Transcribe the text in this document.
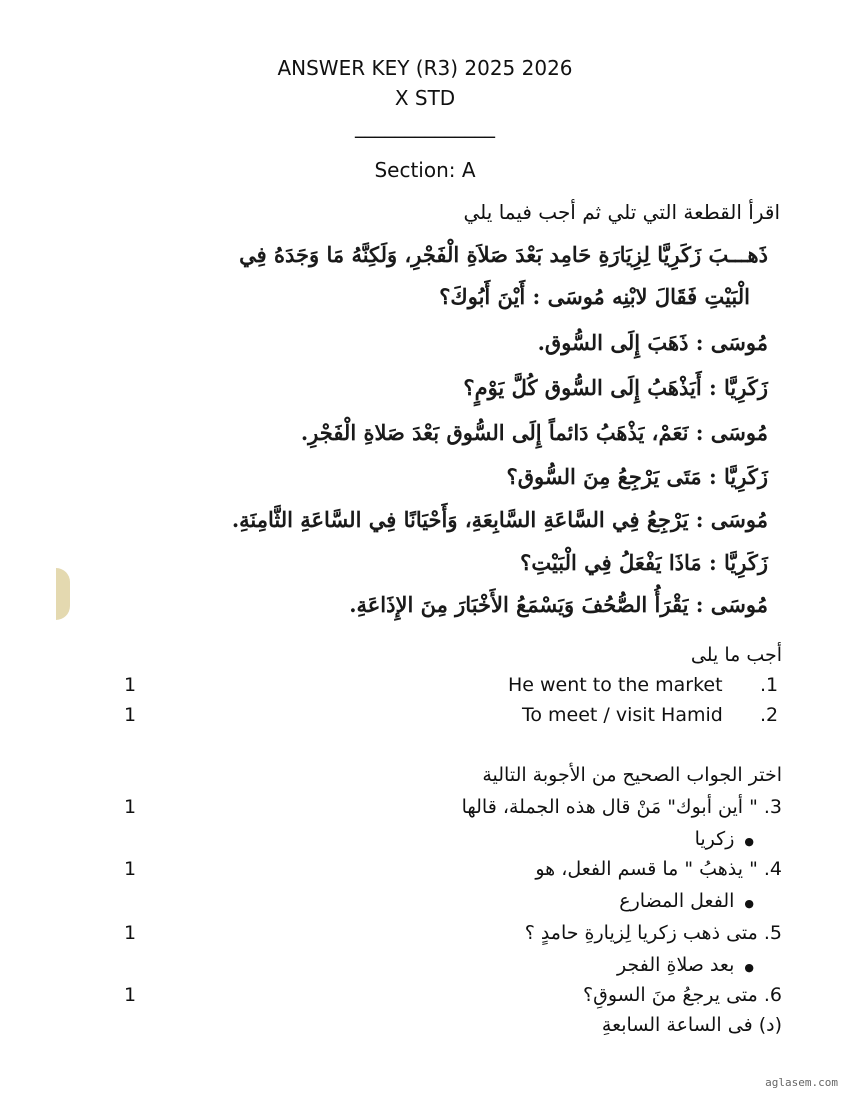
ANSWER KEY (R3) 2025 2026
X STD
______________
Section: A
اقرأ القطعة التي تلي ثم أجب فيما يلي
ذَهـــبَ زَكَرِيَّا لِزِيَارَةِ حَامِد بَعْدَ صَلاَةِ الْفَجْرِ، وَلَكِنَّهُ مَا وَجَدَهُ فِي
الْبَيْتِ فَقَالَ لابْنِه مُوسَى : أَيْنَ أَبُوكَ؟
مُوسَى : ذَهَبَ إِلَى السُّوق.
زَكَرِيَّا : أَيَذْهَبُ إِلَى السُّوق كُلَّ يَوْمٍ؟
مُوسَى : نَعَمْ، يَذْهَبُ دَائماً إِلَى السُّوق بَعْدَ صَلاةِ الْفَجْرِ.
زَكَرِيَّا : مَتَى يَرْجِعُ مِنَ السُّوق؟
مُوسَى : يَرْجِعُ فِي السَّاعَةِ السَّابِعَةِ، وَأَحْيَانًا فِي السَّاعَةِ الثَّامِنَةِ.
زَكَرِيَّا : مَاذَا يَفْعَلُ فِي الْبَيْتِ؟
مُوسَى : يَقْرَأُ الصُّحُفَ وَيَسْمَعُ الأَخْبَارَ مِنَ الإِذَاعَةِ.
أجب ما يلى
He went to the market .1
1
To meet / visit Hamid .2
1
اختر الجواب الصحيح من الأجوبة التالية
3. " أين أبوك" مَنْ قال هذه الجملة، قالها
1
● زكريا
4. " يذهبُ " ما قسم الفعل، هو
1
● الفعل المضارع
5. متى ذهب زكريا لِزيارةِ حامدٍ ؟
1
● بعد صلاةِ الفجر
6. متى يرجعُ منَ السوقِ؟
1
(د) فى الساعة السابعةِ
aglasem.com
